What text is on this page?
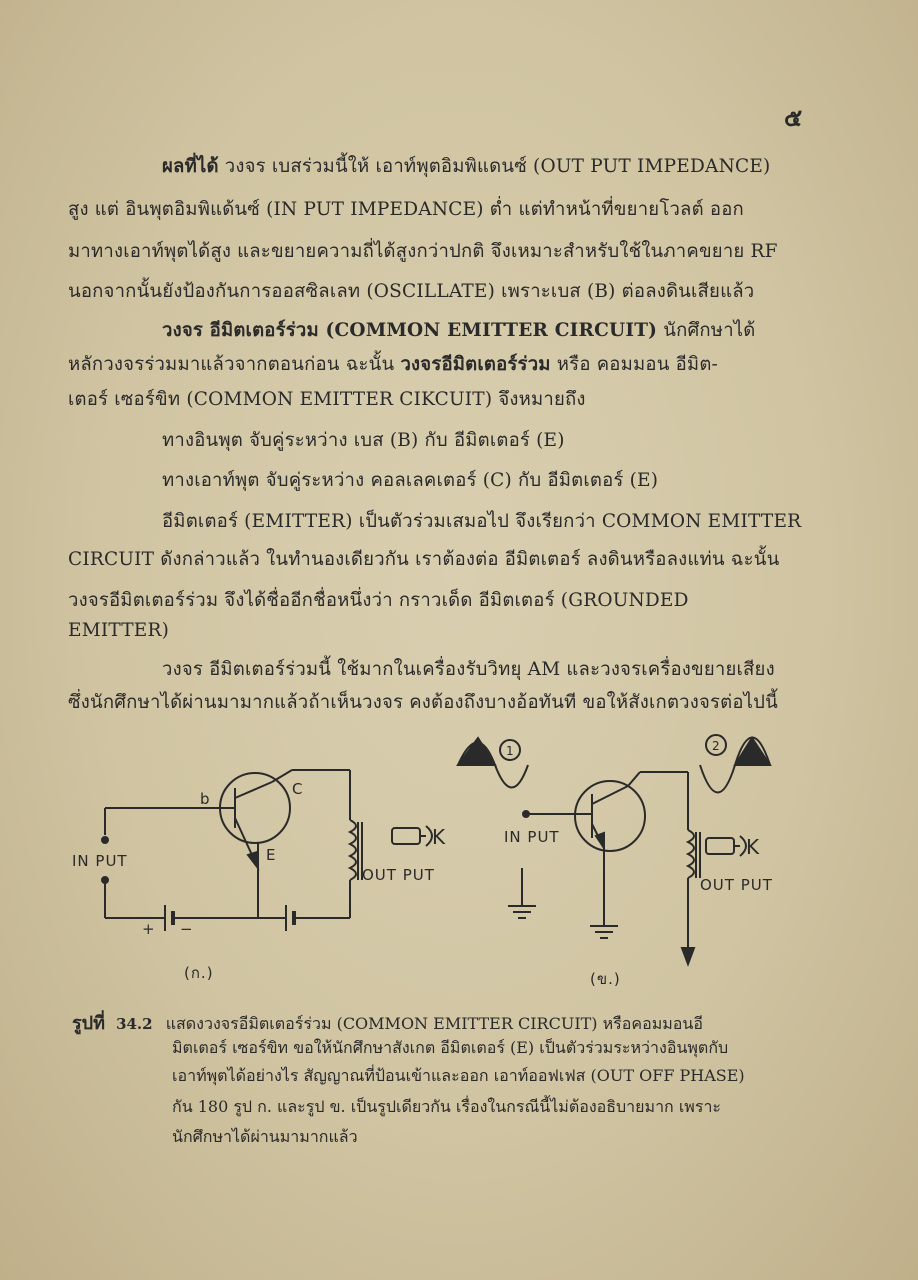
๕
ผลที่ได้ วงจร เบสร่วมนี้ให้ เอาท์พุตอิมพิแดนซ์ (OUT PUT IMPEDANCE)
สูง แต่ อินพุตอิมพิแด้นซ์ (IN PUT IMPEDANCE) ต่ำ แต่ทำหน้าที่ขยายโวลต์ ออก
มาทางเอาท์พุตได้สูง และขยายความถี่ได้สูงกว่าปกติ จึงเหมาะสำหรับใช้ในภาคขยาย RF
นอกจากนั้นยังป้องกันการออสซิลเลท (OSCILLATE) เพราะเบส (B) ต่อลงดินเสียแล้ว
วงจร อีมิตเตอร์ร่วม (COMMON EMITTER CIRCUIT) นักศึกษาได้
หลักวงจรร่วมมาแล้วจากตอนก่อน ฉะนั้น วงจรอีมิตเตอร์ร่วม หรือ คอมมอน อีมิต-
เตอร์ เซอร์ขิท (COMMON EMITTER CIKCUIT) จึงหมายถึง
ทางอินพุต จับคู่ระหว่าง เบส (B) กับ อีมิตเตอร์ (E)
ทางเอาท์พุต จับคู่ระหว่าง คอลเลคเตอร์ (C) กับ อีมิตเตอร์ (E)
อีมิตเตอร์ (EMITTER) เป็นตัวร่วมเสมอไป จึงเรียกว่า COMMON EMITTER
CIRCUIT ดังกล่าวแล้ว ในทำนองเดียวกัน เราต้องต่อ อีมิตเตอร์ ลงดินหรือลงแท่น ฉะนั้น
วงจรอีมิตเตอร์ร่วม จึงได้ชื่ออีกชื่อหนึ่งว่า กราวเด็ด อีมิตเตอร์ (GROUNDED
EMITTER)
วงจร อีมิตเตอร์ร่วมนี้ ใช้มากในเครื่องรับวิทยุ AM และวงจรเครื่องขยายเสียง
ซึ่งนักศึกษาได้ผ่านมามากแล้วถ้าเห็นวงจร คงต้องถึงบางอ้อทันที ขอให้สังเกตวงจรต่อไปนี้
b
C
E
IN PUT
OUT PUT
K
+ −
(ก.)
1	2
IN PUT
OUT PUT
K
(ข.)
รูปที่ 34.2 แสดงวงจรอีมิตเตอร์ร่วม (COMMON EMITTER CIRCUIT) หรือคอมมอนอี
มิตเตอร์ เซอร์ขิท ขอให้นักศึกษาสังเกต อีมิตเตอร์ (E) เป็นตัวร่วมระหว่างอินพุตกับ
เอาท์พุตได้อย่างไร สัญญาณที่ป้อนเข้าและออก เอาท์ออฟเฟส (OUT OFF PHASE)
กัน 180 รูป ก. และรูป ข. เป็นรูปเดียวกัน เรื่องในกรณีนี้ไม่ต้องอธิบายมาก เพราะ
นักศึกษาได้ผ่านมามากแล้ว
